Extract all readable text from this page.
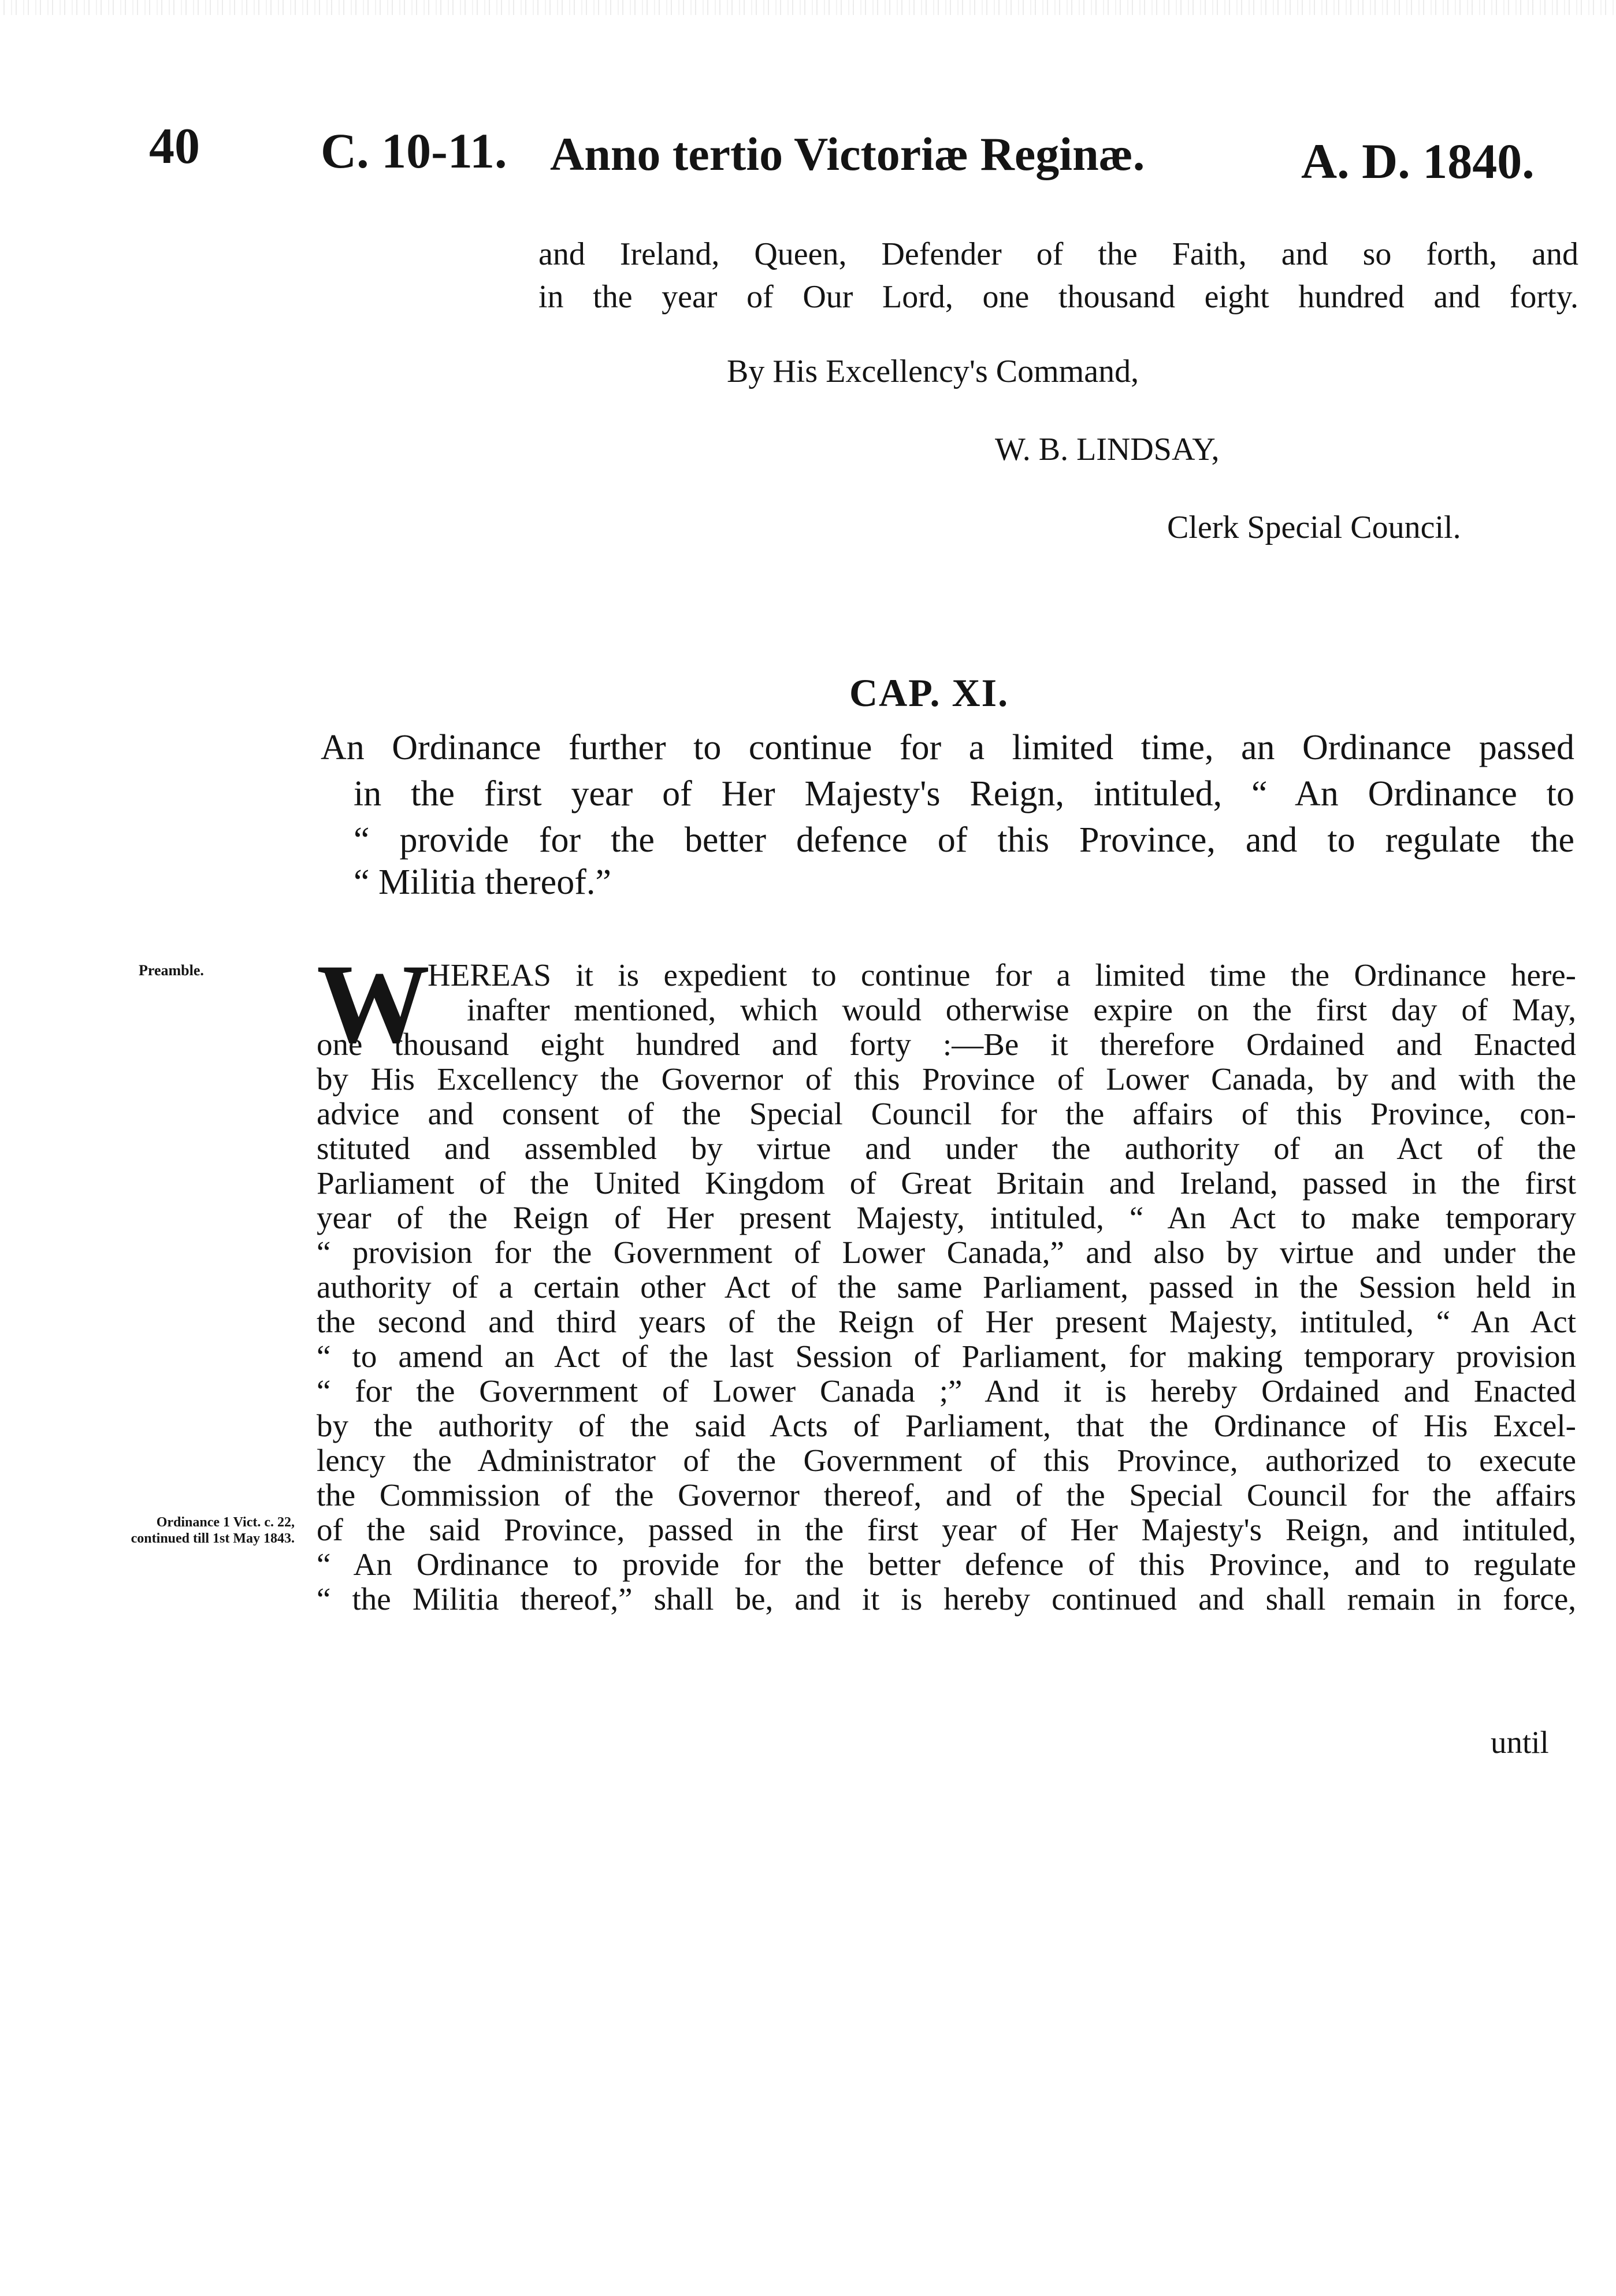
40 C. 10-11. Anno tertio Victoriæ Reginæ.	A. D. 1840.
and Ireland, Queen, Defender of the Faith, and so forth, and
in the year of Our Lord, one thousand eight hundred and forty.
By His Excellency's Command,
W. B. LINDSAY,
Clerk Special Council.
CAP. XI.
An Ordinance further to continue for a limited time, an Ordinance passed
in the first year of Her Majesty's Reign, intituled, “ An Ordinance to
“ provide for the better defence of this Province, and to regulate the
“ Militia thereof.”
Preamble.
Ordinance 1 Vict. c. 22, continued till 1st May 1843.
W
HEREAS it is expedient to continue for a limited time the Ordinance here-
inafter mentioned, which would otherwise expire on the first day of May,
one thousand eight hundred and forty :—Be it therefore Ordained and Enacted
by His Excellency the Governor of this Province of Lower Canada, by and with the
advice and consent of the Special Council for the affairs of this Province, con-
stituted and assembled by virtue and under the authority of an Act of the
Parliament of the United Kingdom of Great Britain and Ireland, passed in the first
year of the Reign of Her present Majesty, intituled, “ An Act to make temporary
“ provision for the Government of Lower Canada,” and also by virtue and under the
authority of a certain other Act of the same Parliament, passed in the Session held in
the second and third years of the Reign of Her present Majesty, intituled, “ An Act
“ to amend an Act of the last Session of Parliament, for making temporary provision
“ for the Government of Lower Canada ;” And it is hereby Ordained and Enacted
by the authority of the said Acts of Parliament, that the Ordinance of His Excel-
lency the Administrator of the Government of this Province, authorized to execute
the Commission of the Governor thereof, and of the Special Council for the affairs
of the said Province, passed in the first year of Her Majesty's Reign, and intituled,
“ An Ordinance to provide for the better defence of this Province, and to regulate
“ the Militia thereof,” shall be, and it is hereby continued and shall remain in force,
until
